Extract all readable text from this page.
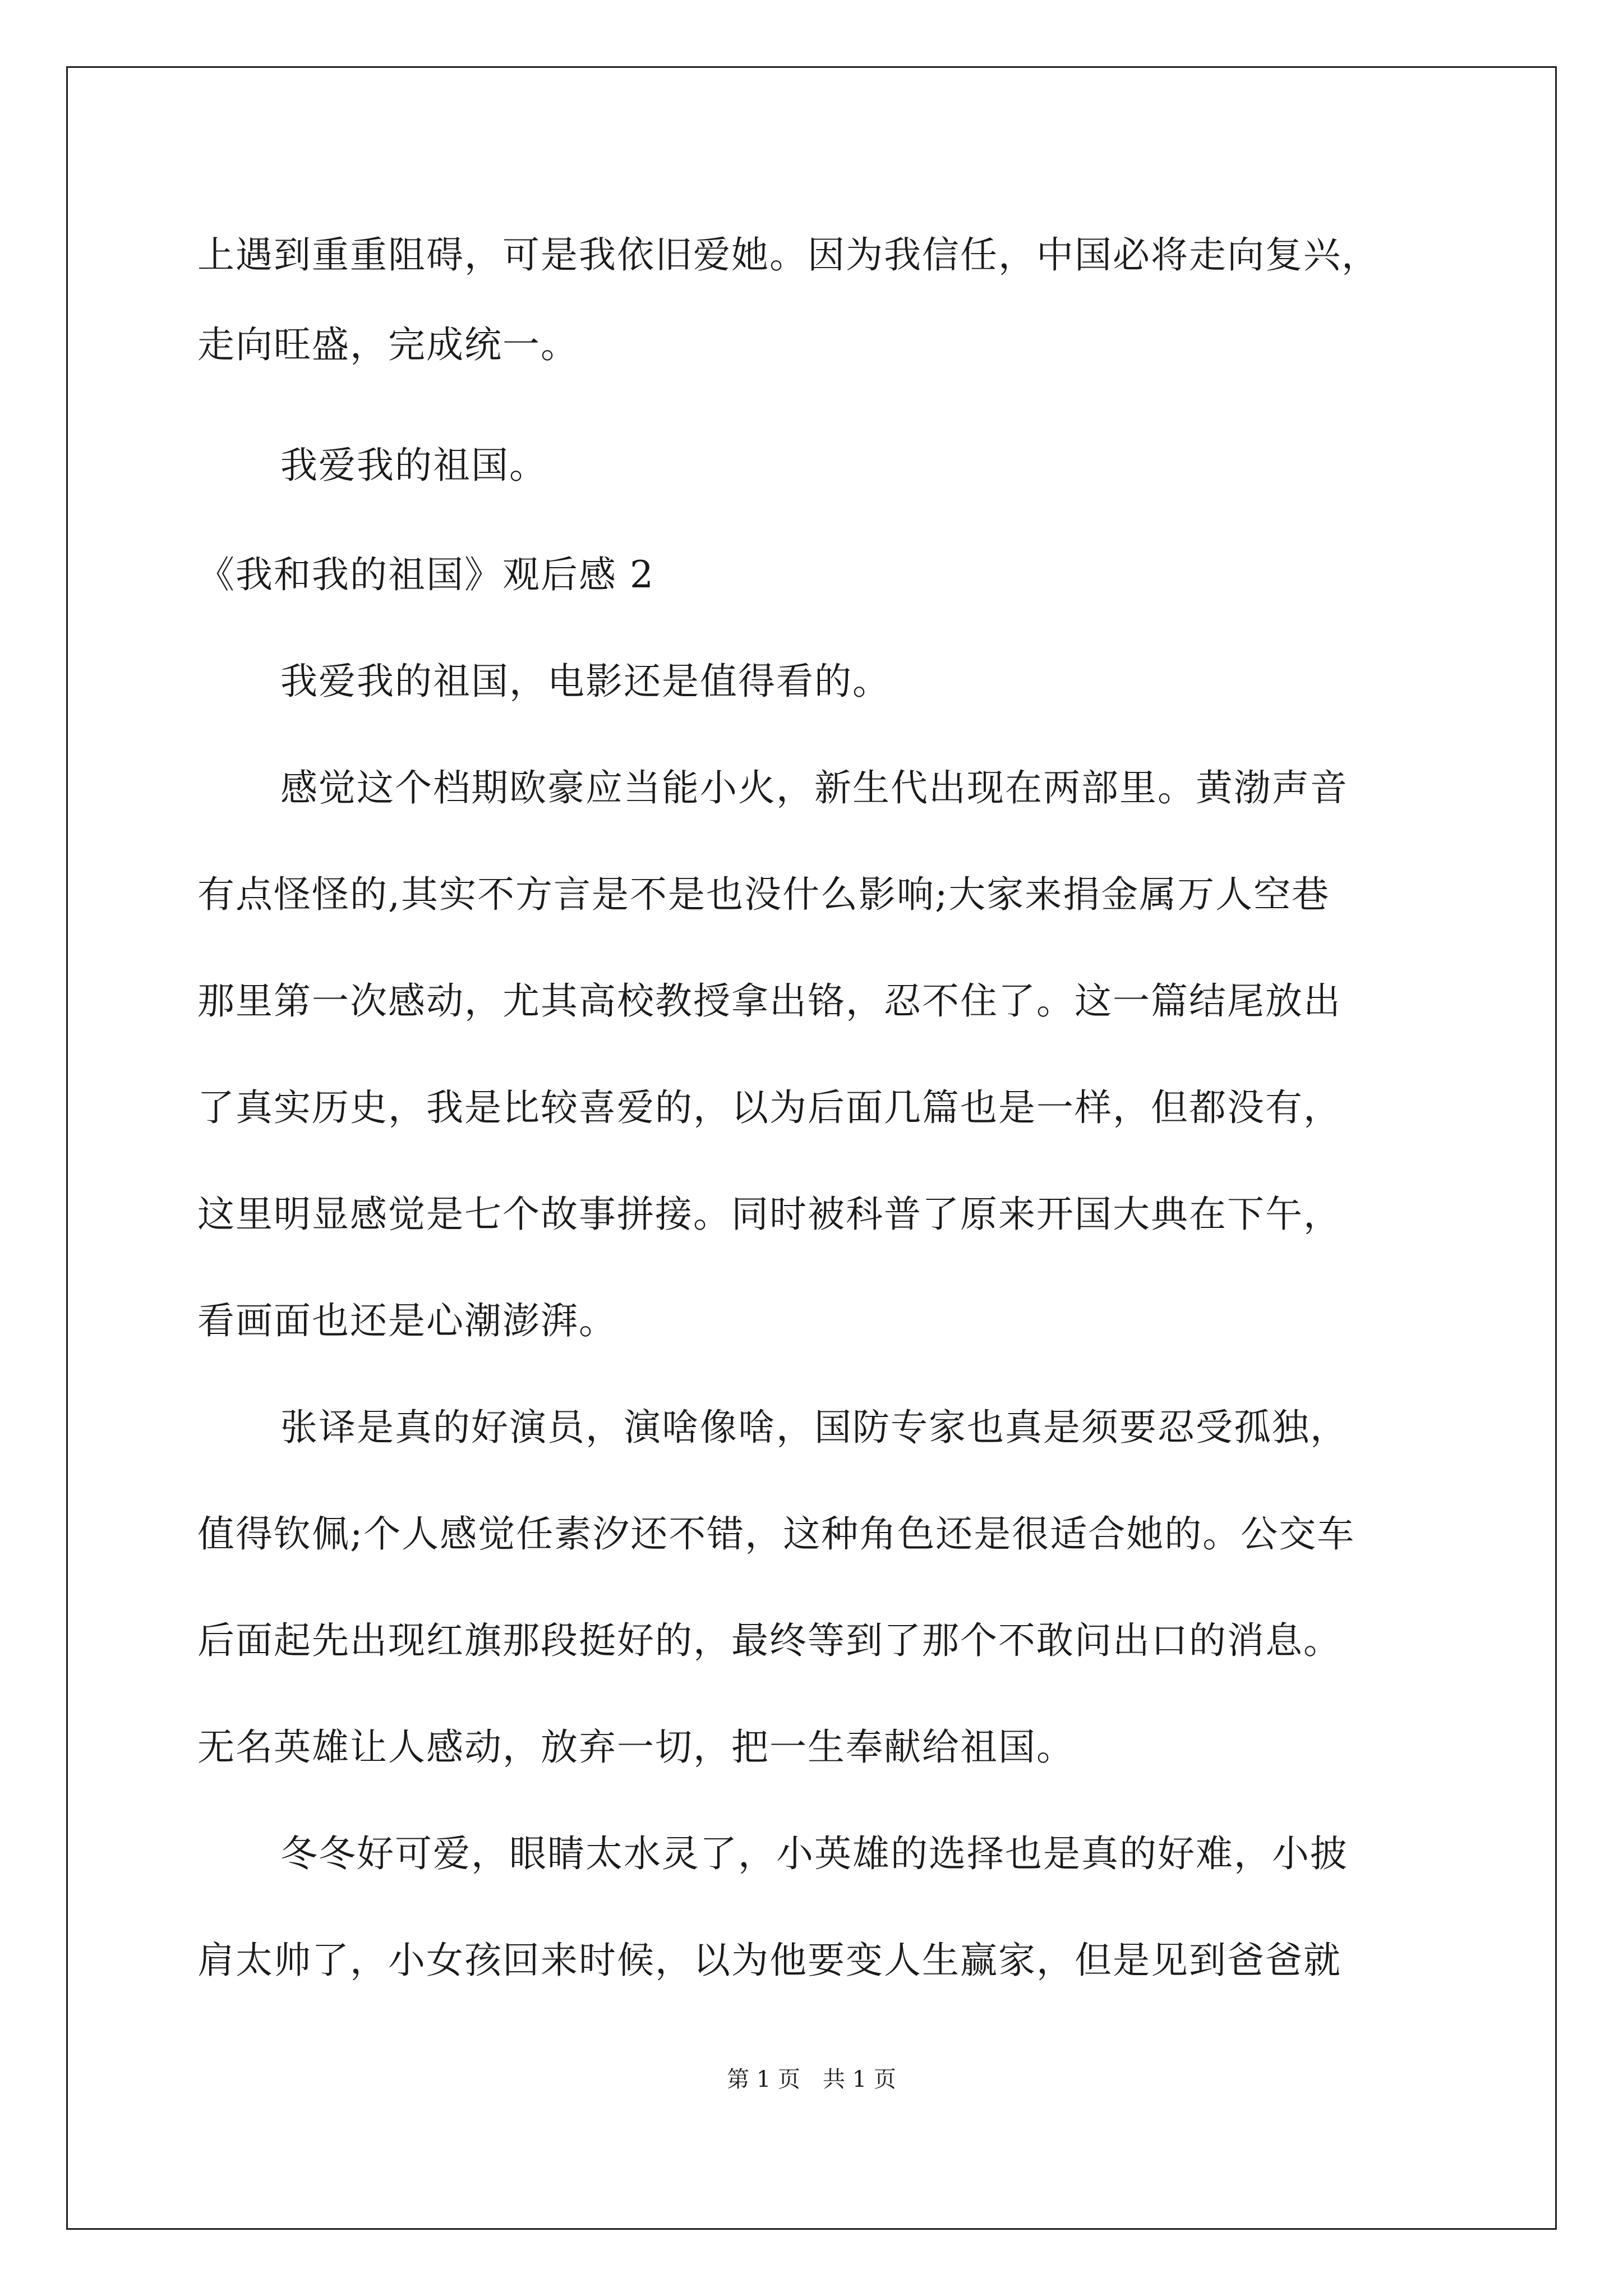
上遇到重重阻碍，可是我依旧爱她。因为我信任，中国必将走向复兴，
走向旺盛，完成统一。
我爱我的祖国。
《我和我的祖国》观后感 2
我爱我的祖国，电影还是值得看的。
感觉这个档期欧豪应当能小火，新生代出现在两部里。黄渤声音
有点怪怪的,其实不方言是不是也没什么影响;大家来捐金属万人空巷
那里第一次感动，尤其高校教授拿出铬，忍不住了。这一篇结尾放出
了真实历史，我是比较喜爱的，以为后面几篇也是一样，但都没有，
这里明显感觉是七个故事拼接。同时被科普了原来开国大典在下午，
看画面也还是心潮澎湃。
张译是真的好演员，演啥像啥，国防专家也真是须要忍受孤独，
值得钦佩;个人感觉任素汐还不错，这种角色还是很适合她的。公交车
后面起先出现红旗那段挺好的，最终等到了那个不敢问出口的消息。
无名英雄让人感动，放弃一切，把一生奉献给祖国。
冬冬好可爱，眼睛太水灵了，小英雄的选择也是真的好难，小披
肩太帅了，小女孩回来时候，以为他要变人生赢家，但是见到爸爸就
第 1 页　共 1 页
